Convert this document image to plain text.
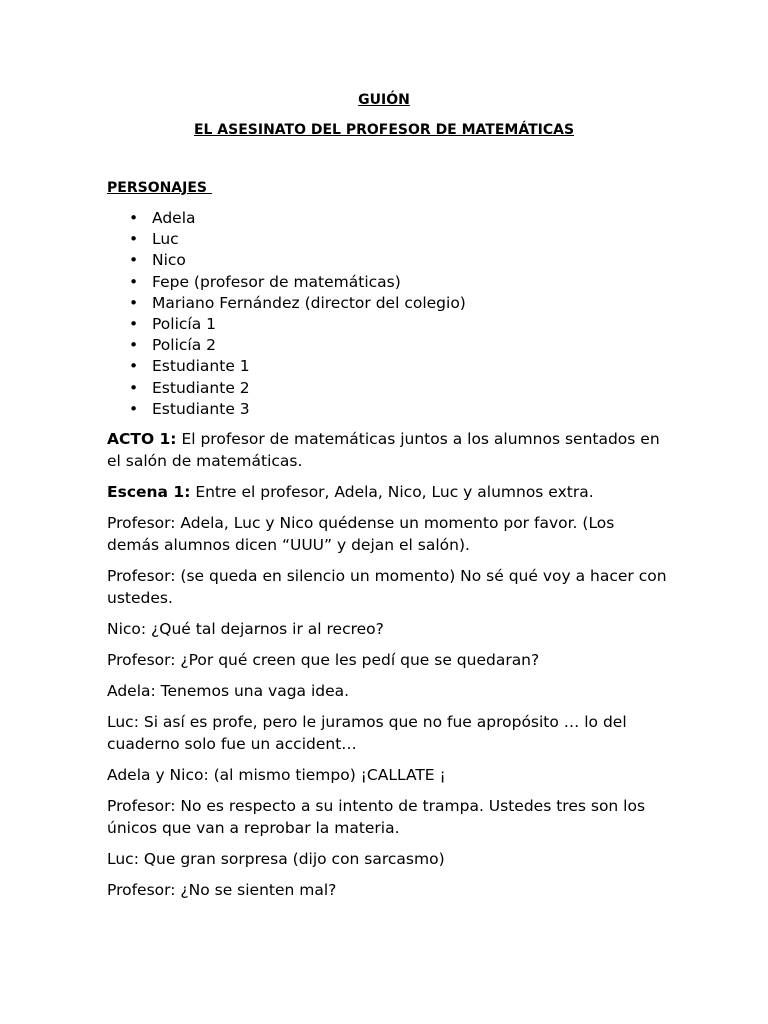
GUIÓN
EL ASESINATO DEL PROFESOR DE MATEMÁTICAS
PERSONAJES
• Adela
• Luc
• Nico
• Fepe (profesor de matemáticas)
• Mariano Fernández (director del colegio)
• Policía 1
• Policía 2
• Estudiante 1
• Estudiante 2
• Estudiante 3

ACTO 1: El profesor de matemáticas juntos a los alumnos sentados en el salón de matemáticas.

Escena 1: Entre el profesor, Adela, Nico, Luc y alumnos extra.

Profesor: Adela, Luc y Nico quédense un momento por favor. (Los demás alumnos dicen “UUU” y dejan el salón).

Profesor: (se queda en silencio un momento) No sé qué voy a hacer con ustedes.

Nico: ¿Qué tal dejarnos ir al recreo?

Profesor: ¿Por qué creen que les pedí que se quedaran?

Adela: Tenemos una vaga idea.

Luc: Si así es profe, pero le juramos que no fue apropósito … lo del cuaderno solo fue un accident…

Adela y Nico: (al mismo tiempo) ¡CALLATE ¡

Profesor: No es respecto a su intento de trampa. Ustedes tres son los únicos que van a reprobar la materia.

Luc: Que gran sorpresa (dijo con sarcasmo)

Profesor: ¿No se sienten mal?
